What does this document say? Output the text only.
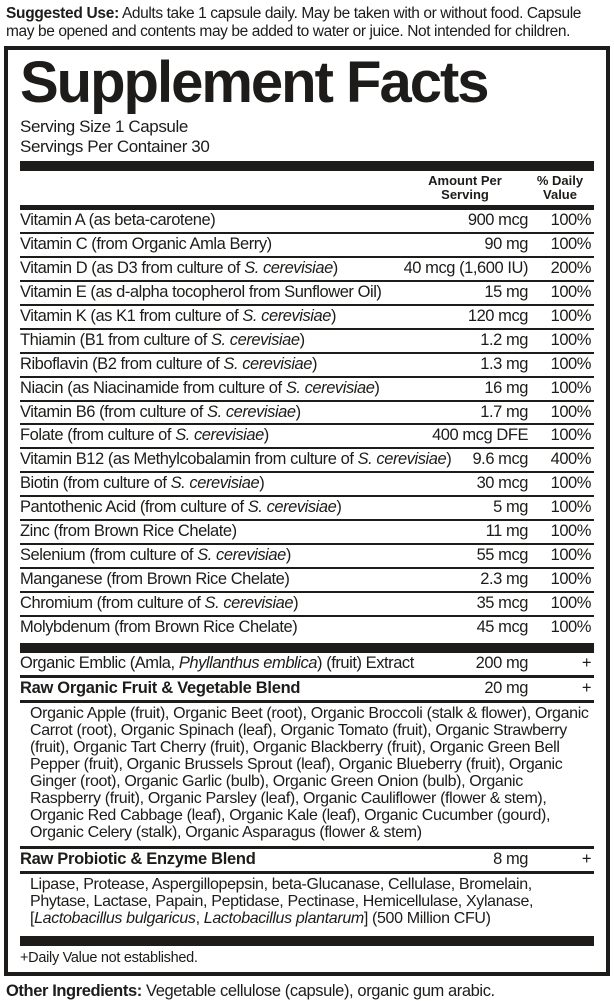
Suggested Use: Adults take 1 capsule daily. May be taken with or without food. Capsule may be opened and contents may be added to water or juice. Not intended for children.

Supplement Facts
Serving Size 1 Capsule
Servings Per Container 30
Amount Per Serving
% Daily Value
Vitamin A (as beta-carotene)	900 mcg	100%
Vitamin C (from Organic Amla Berry)	90 mg	100%
Vitamin D (as D3 from culture of S. cerevisiae)	40 mcg (1,600 IU)	200%
Vitamin E (as d-alpha tocopherol from Sunflower Oil)	15 mg	100%
Vitamin K (as K1 from culture of S. cerevisiae)	120 mcg	100%
Thiamin (B1 from culture of S. cerevisiae)	1.2 mg	100%
Riboflavin (B2 from culture of S. cerevisiae)	1.3 mg	100%
Niacin (as Niacinamide from culture of S. cerevisiae)	16 mg	100%
Vitamin B6 (from culture of S. cerevisiae)	1.7 mg	100%
Folate (from culture of S. cerevisiae)	400 mcg DFE	100%
Vitamin B12 (as Methylcobalamin from culture of S. cerevisiae)	9.6 mcg	400%
Biotin (from culture of S. cerevisiae)	30 mcg	100%
Pantothenic Acid (from culture of S. cerevisiae)	5 mg	100%
Zinc (from Brown Rice Chelate)	11 mg	100%
Selenium (from culture of S. cerevisiae)	55 mcg	100%
Manganese (from Brown Rice Chelate)	2.3 mg	100%
Chromium (from culture of S. cerevisiae)	35 mcg	100%
Molybdenum (from Brown Rice Chelate)	45 mcg	100%
Organic Emblic (Amla, Phyllanthus emblica) (fruit) Extract	200 mg	+
Raw Organic Fruit & Vegetable Blend	20 mg	+
Organic Apple (fruit), Organic Beet (root), Organic Broccoli (stalk & flower), Organic Carrot (root), Organic Spinach (leaf), Organic Tomato (fruit), Organic Strawberry (fruit), Organic Tart Cherry (fruit), Organic Blackberry (fruit), Organic Green Bell Pepper (fruit), Organic Brussels Sprout (leaf), Organic Blueberry (fruit), Organic Ginger (root), Organic Garlic (bulb), Organic Green Onion (bulb), Organic Raspberry (fruit), Organic Parsley (leaf), Organic Cauliflower (flower & stem), Organic Red Cabbage (leaf), Organic Kale (leaf), Organic Cucumber (gourd), Organic Celery (stalk), Organic Asparagus (flower & stem)
Raw Probiotic & Enzyme Blend	8 mg	+
Lipase, Protease, Aspergillopepsin, beta-Glucanase, Cellulase, Bromelain, Phytase, Lactase, Papain, Peptidase, Pectinase, Hemicellulase, Xylanase, [Lactobacillus bulgaricus, Lactobacillus plantarum] (500 Million CFU)
+Daily Value not established.

Other Ingredients: Vegetable cellulose (capsule), organic gum arabic.
